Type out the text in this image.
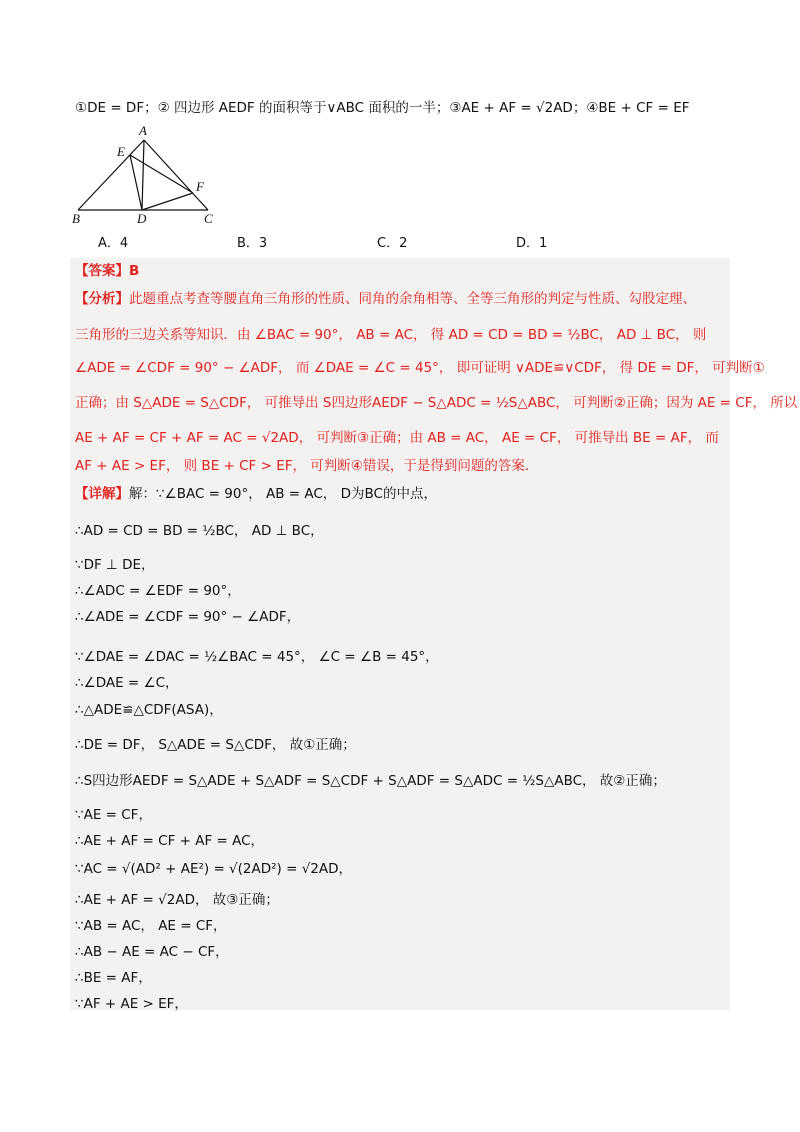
①DE = DF；② 四边形 AEDF 的面积等于∨ABC 面积的一半；③AE + AF = √2AD；④BE + CF = EF
A
E
F
B	D	C
A．4	B．3	C．2	D．1
【答案】B
【分析】此题重点考查等腰直角三角形的性质、同角的余角相等、全等三角形的判定与性质、勾股定理、
三角形的三边关系等知识．由 ∠BAC = 90°， AB = AC， 得 AD = CD = BD = ½BC， AD ⊥ BC， 则
∠ADE = ∠CDF = 90° − ∠ADF， 而 ∠DAE = ∠C = 45°， 即可证明 ∨ADE≌∨CDF， 得 DE = DF， 可判断①
正确；由 S△ADE = S△CDF， 可推导出 S四边形AEDF − S△ADC = ½S△ABC， 可判断②正确；因为 AE = CF， 所以
AE + AF = CF + AF = AC = √2AD， 可判断③正确；由 AB = AC， AE = CF， 可推导出 BE = AF， 而
AF + AE > EF， 则 BE + CF > EF， 可判断④错误，于是得到问题的答案．
【详解】解：∵∠BAC = 90°， AB = AC， D为BC的中点，
∴AD = CD = BD = ½BC， AD ⊥ BC，
∵DF ⊥ DE，
∴∠ADC = ∠EDF = 90°，
∴∠ADE = ∠CDF = 90° − ∠ADF，
∵∠DAE = ∠DAC = ½∠BAC = 45°， ∠C = ∠B = 45°，
∴∠DAE = ∠C，
∴△ADE≌△CDF(ASA)，
∴DE = DF， S△ADE = S△CDF， 故①正确；
∴S四边形AEDF = S△ADE + S△ADF = S△CDF + S△ADF = S△ADC = ½S△ABC， 故②正确；
∵AE = CF，
∴AE + AF = CF + AF = AC，
∵AC = √(AD² + AE²) = √(2AD²) = √2AD，
∴AE + AF = √2AD， 故③正确；
∵AB = AC， AE = CF，
∴AB − AE = AC − CF，
∴BE = AF，
∵AF + AE > EF，
